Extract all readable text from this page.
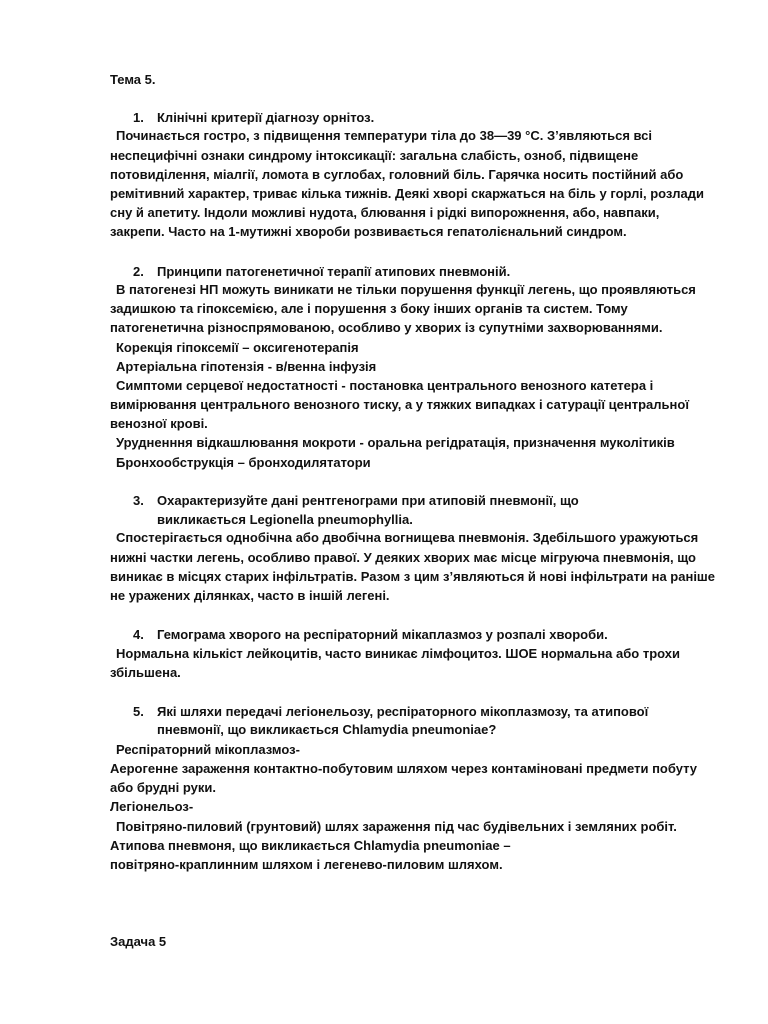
Тема 5.
1. Клінічні критерії діагнозу орнітоз.
Починається гостро, з підвищення температури тіла до 38—39 °С. З’являються всі
неспецифічні ознаки синдрому інтоксикації: загальна слабість, озноб, підвищене
потовиділення, міалгії, ломота в суглобах, головний біль. Гарячка носить постійний або
ремітивний характер, триває кілька тижнів. Деякі хворі скаржаться на біль у горлі, розлади
сну й апетиту. Індоли можливі нудота, блювання і рідкі випорожнення, або, навпаки,
закрепи. Часто на 1-мутижні хвороби розвивається гепатолієнальний синдром.
2. Принципи патогенетичної терапії атипових пневмоній.
В патогенезі НП можуть виникати не тільки порушення функції легень, що проявляються
задишкою та гіпоксемією, але і порушення з боку інших органів та систем. Тому
патогенетична різноспрямованою, особливо у хворих із супутніми захворюваннями.
Корекція гіпоксемії – оксигенотерапія
Артеріальна гіпотензія - в/венна інфузія
Симптоми серцевої недостатності - постановка центрального венозного катетера і
вимірювання центрального венозного тиску, а у тяжких випадках і сатурації центральної
венозної крові.
Урудненння відкашлювання мокроти - оральна регідратація, призначення муколітиків
Бронхообструкція – бронходилятатори
3. Охарактеризуйте дані рентгенограми при атиповій пневмонії, що
викликається Legionella pneumophyllia.
Спостерігається однобічна або двобічна вогнищева пневмонія. Здебільшого уражуються
нижні частки легень, особливо правої. У деяких хворих має місце мігруюча пневмонія, що
виникає в місцях старих інфільтратів. Разом з цим з’являються й нові інфільтрати на раніше
не уражених ділянках, часто в іншій легені.
4. Гемограма хворого на респіраторний мікаплазмоз у розпалі хвороби.
Нормальна кількіст лейкоцитів, часто виникає лімфоцитоз. ШОЕ нормальна або трохи
збільшена.
5. Які шляхи передачі легіонельозу, респіраторного мікоплазмозу, та атипової
пневмонії, що викликається Chlamydia pneumoniae?
Респіраторний мікоплазмоз-
Аерогенне зараження контактно-побутовим шляхом через контаміновані предмети побуту
або брудні руки.
Легіонельоз-
Повітряно-пиловий (грунтовий) шлях зараження під час будівельних і земляних робіт.
Атипова пневмоня, що викликається Chlamydia pneumoniae –
повітряно-краплинним шляхом і легенево-пиловим шляхом.
Задача 5
